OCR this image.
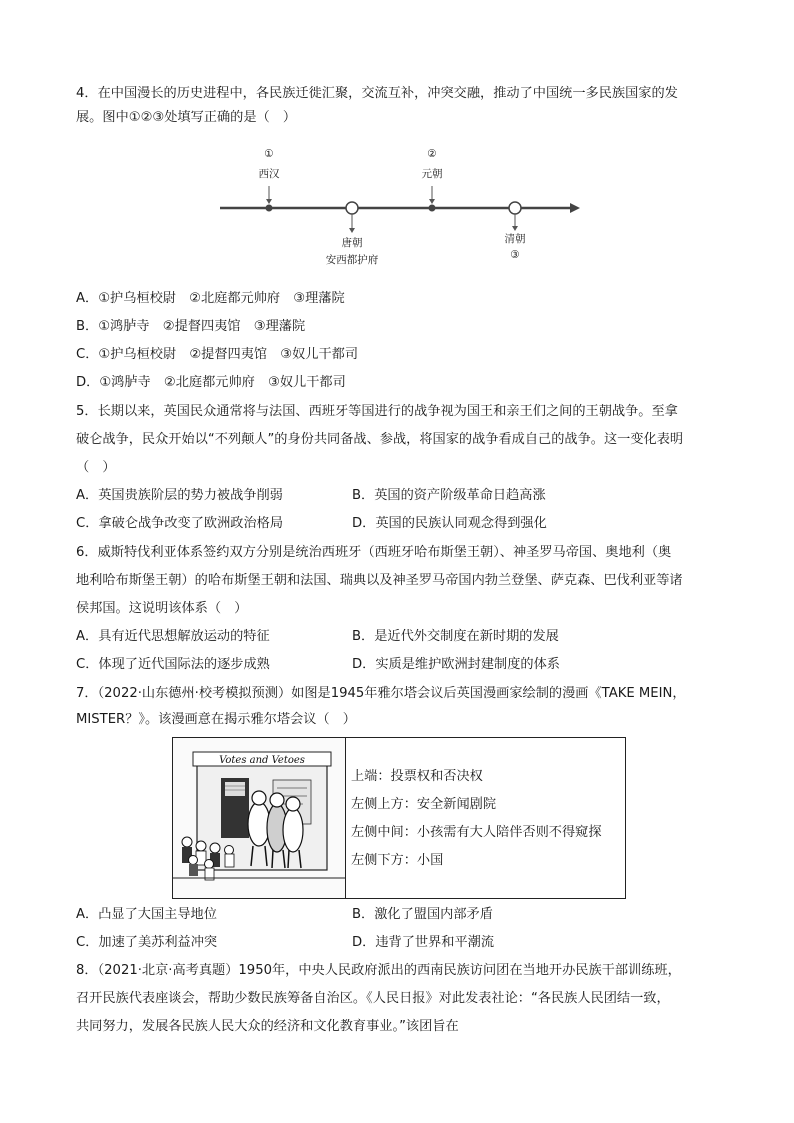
4．在中国漫长的历史进程中，各民族迁徙汇聚，交流互补，冲突交融，推动了中国统一多民族国家的发
展。图中①②③处填写正确的是（　）
①
西汉
②
元朝
唐朝
安西都护府
清朝
③
A．①护乌桓校尉　②北庭都元帅府　③理藩院
B．①鸿胪寺　②提督四夷馆　③理藩院
C．①护乌桓校尉　②提督四夷馆　③奴儿干都司
D．①鸿胪寺　②北庭都元帅府　③奴儿干都司
5．长期以来，英国民众通常将与法国、西班牙等国进行的战争视为国王和亲王们之间的王朝战争。至拿
破仑战争，民众开始以“不列颠人”的身份共同备战、参战，将国家的战争看成自己的战争。这一变化表明
（　）
A．英国贵族阶层的势力被战争削弱	B．英国的资产阶级革命日趋高涨
C．拿破仑战争改变了欧洲政治格局	D．英国的民族认同观念得到强化
6．威斯特伐利亚体系签约双方分别是统治西班牙（西班牙哈布斯堡王朝）、神圣罗马帝国、奥地利（奥
地利哈布斯堡王朝）的哈布斯堡王朝和法国、瑞典以及神圣罗马帝国内勃兰登堡、萨克森、巴伐利亚等诸
侯邦国。这说明该体系（　）
A．具有近代思想解放运动的特征	B．是近代外交制度在新时期的发展
C．体现了近代国际法的逐步成熟	D．实质是维护欧洲封建制度的体系
7．（2022·山东德州·校考模拟预测）如图是1945年雅尔塔会议后英国漫画家绘制的漫画《TAKE MEIN，
MISTER？》。该漫画意在揭示雅尔塔会议（　）
Votes and Vetoes
上端：投票权和否决权
左侧上方：安全新闻剧院
左侧中间：小孩需有大人陪伴否则不得窥探
左侧下方：小国
A．凸显了大国主导地位	B．激化了盟国内部矛盾
C．加速了美苏利益冲突	D．违背了世界和平潮流
8．（2021·北京·高考真题）1950年，中央人民政府派出的西南民族访问团在当地开办民族干部训练班，
召开民族代表座谈会，帮助少数民族筹备自治区。《人民日报》对此发表社论：“各民族人民团结一致，
共同努力，发展各民族人民大众的经济和文化教育事业。”该团旨在
